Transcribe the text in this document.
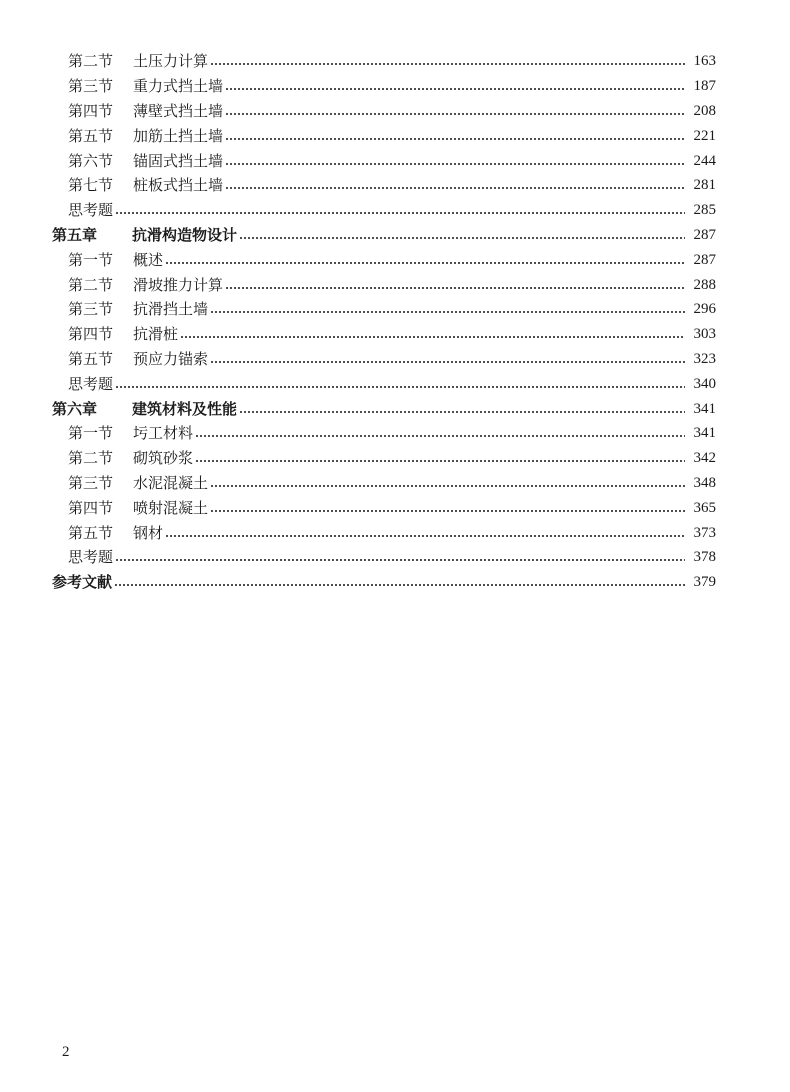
第二节	土压力计算	163
第三节	重力式挡土墙	187
第四节	薄壁式挡土墙	208
第五节	加筋土挡土墙	221
第六节	锚固式挡土墙	244
第七节	桩板式挡土墙	281
思考题	285
第五章	抗滑构造物设计	287
第一节	概述	287
第二节	滑坡推力计算	288
第三节	抗滑挡土墙	296
第四节	抗滑桩	303
第五节	预应力锚索	323
思考题	340
第六章	建筑材料及性能	341
第一节	圬工材料	341
第二节	砌筑砂浆	342
第三节	水泥混凝土	348
第四节	喷射混凝土	365
第五节	钢材	373
思考题	378
参考文献	379
2
